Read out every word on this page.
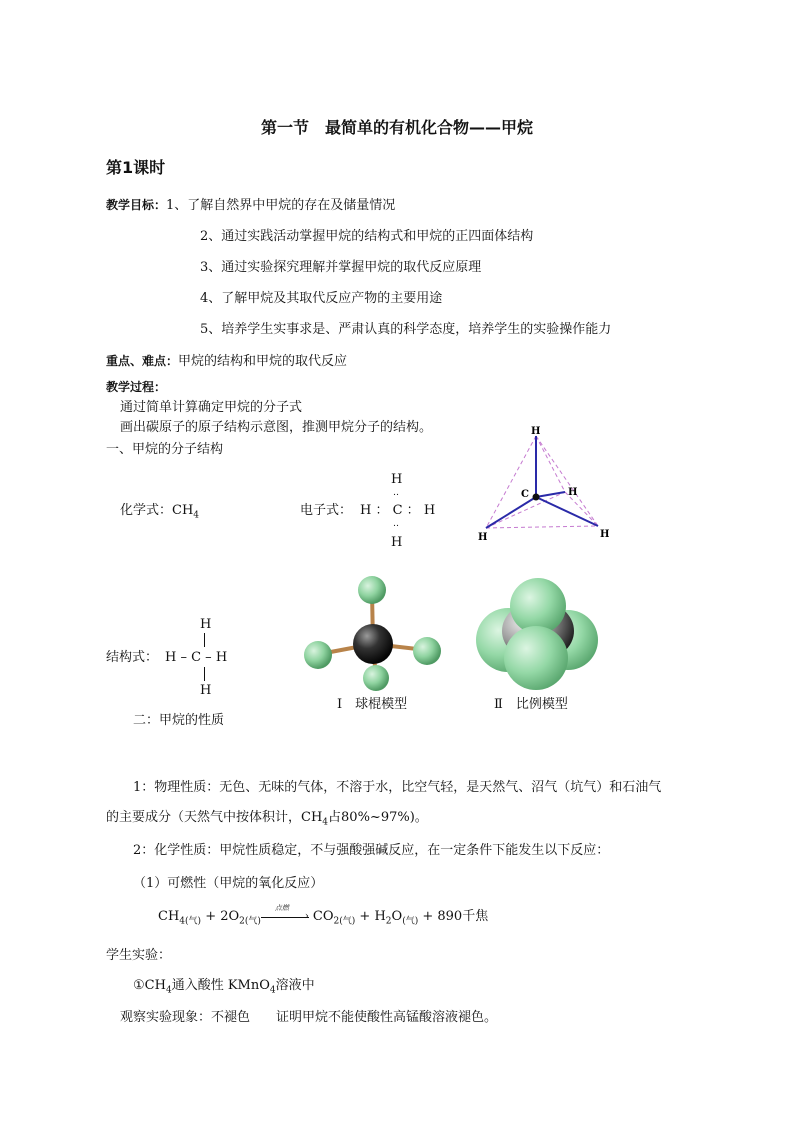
第一节　最简单的有机化合物——甲烷
第1课时
教学目标：1、了解自然界中甲烷的存在及储量情况
2、通过实践活动掌握甲烷的结构式和甲烷的正四面体结构
3、通过实验探究理解并掌握甲烷的取代反应原理
4、了解甲烷及其取代反应产物的主要用途
5、培养学生实事求是、严肃认真的科学态度，培养学生的实验操作能力
重点、难点：甲烷的结构和甲烷的取代反应
教学过程：
通过简单计算确定甲烷的分子式
画出碳原子的原子结构示意图，推测甲烷分子的结构。
一、甲烷的分子结构
H
C	H
H	H
化学式：$CH_4$	电子式： H ： C ： H
H
‥
‥
H
结构式： H – C – H
H
H
Ⅰ　球棍模型	Ⅱ　比例模型
二：甲烷的性质
1：物理性质：无色、无味的气体，不溶于水，比空气轻，是天然气、沼气（坑气）和石油气
的主要成分（天然气中按体积计，$CH_4$占80%~97%)。
2：化学性质：甲烷性质稳定，不与强酸强碱反应，在一定条件下能发生以下反应：
（1）可燃性（甲烷的氧化反应）
$CH_{4(气)} + 2O_{2(气)}$
点燃
› $CO_{2(气)} + H_2O_{(气)} + 890$千焦
学生实验：
$①CH_4$通入酸性 KMnO$_4$溶液中
观察实验现象：不褪色　　证明甲烷不能使酸性高锰酸溶液褪色。
